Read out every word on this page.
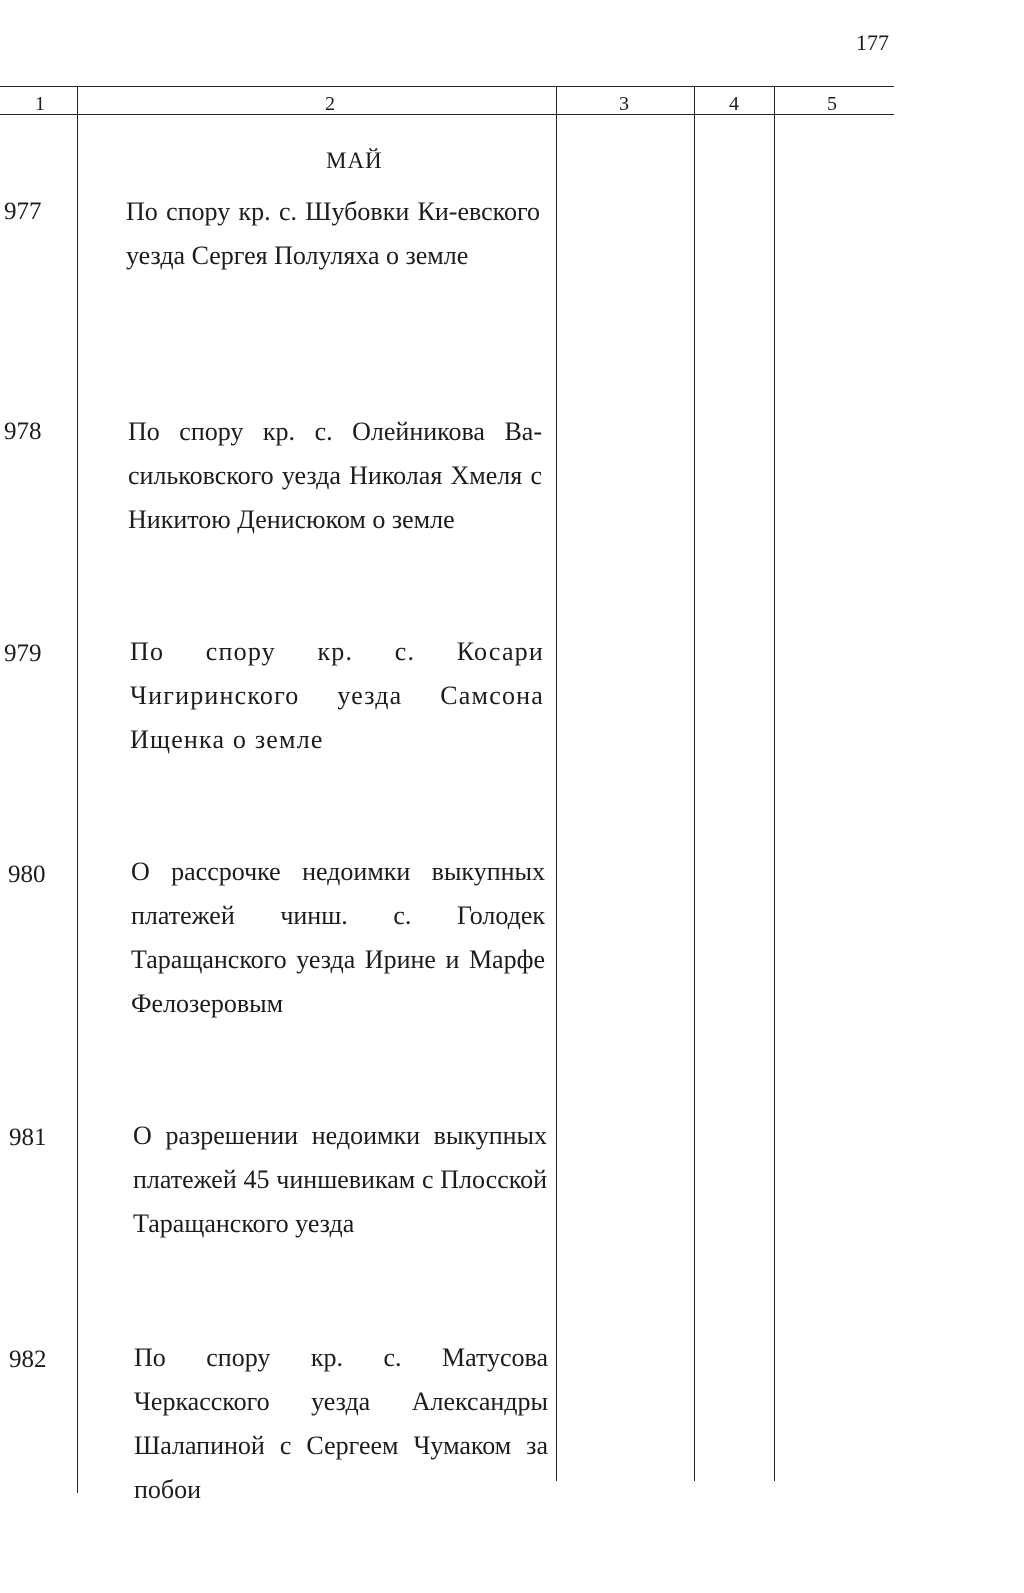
177
1	2	3	4	5
МАЙ
977	По спору кр. с. Шубовки Ки-евского уезда Сергея Полуляха о земле
978	По спору кр. с. Олейникова Ва-сильковского уезда Николая Хмеля с Никитою Денисюком о земле
979	По спору кр. с. Косари Чигиринского уезда Самсона Ищенка о земле
980	О рассрочке недоимки выкупных платежей чинш. с. Голодек Таращанского уезда Ирине и Марфе Фелозеровым
981	О разрешении недоимки выкупных платежей 45 чиншевикам с Плосской Таращанского уезда
982	По спору кр. с. Матусова Черкасского уезда Александры Шалапиной с Сергеем Чумаком за побои
